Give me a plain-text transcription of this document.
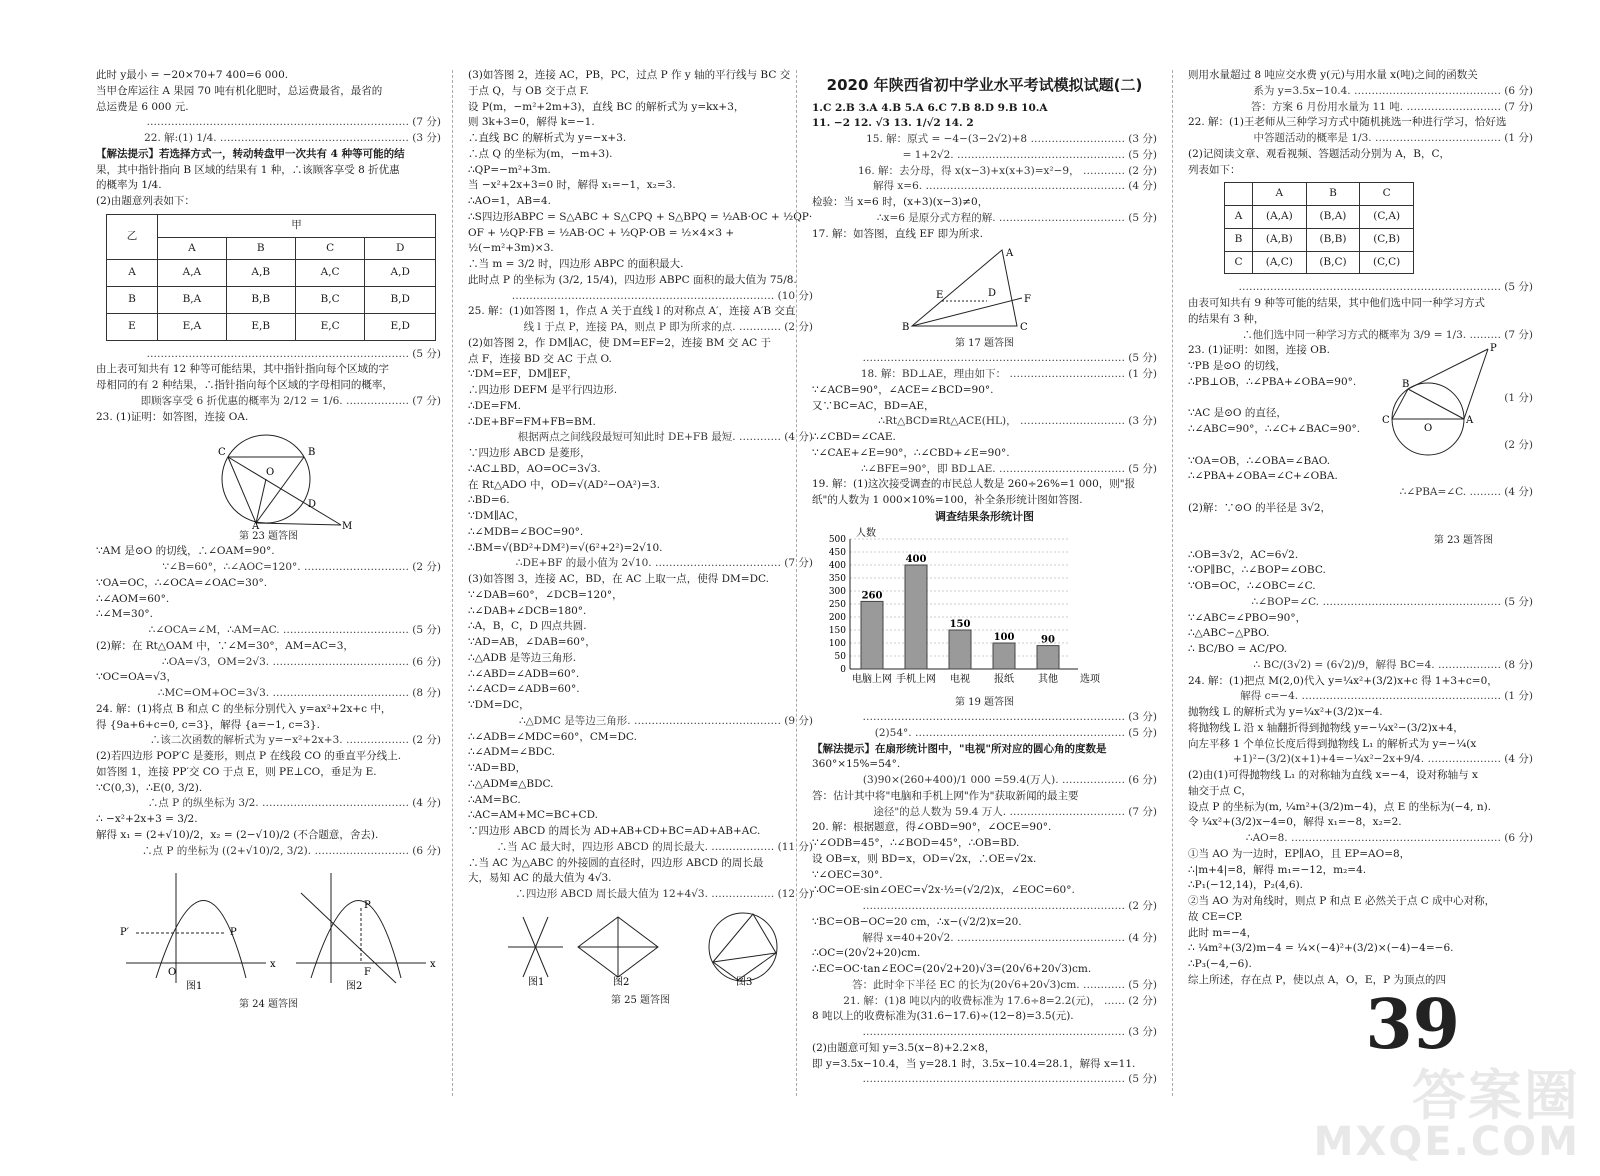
此时 y最小 = −20×70+7 400=6 000.
当甲仓库运往 A 果园 70 吨有机化肥时，总运费最省，最省的
总运费是 6 000 元.
………………………………………………………………… (7 分)
22. 解:(1) 1/4. ……………………………………………… (3 分)
【解法提示】若选择方式一，转动转盘甲一次共有 4 种等可能的结
果，其中指针指向 B 区域的结果有 1 种，∴该顾客享受 8 折优惠
的概率为 1/4.
(2)由题意列表如下：
乙	甲			
	A	B	C	D
A	A,A	A,B	A,C	A,D
B	B,A	B,B	B,C	B,D
E	E,A	E,B	E,C	E,D
………………………………………………………………… (5 分)
由上表可知共有 12 种等可能结果，其中指针指向每个区域的字
母相同的有 2 种结果，∴指针指向每个区域的字母相同的概率，
即顾客享受 6 折优惠的概率为 2/12 = 1/6. ……………… (7 分)
23. (1)证明：如答图，连接 OA.
C	B
O
D
A	M
第 23 题答图
∵AM 是⊙O 的切线，∴∠OAM=90°.
∵∠B=60°，∴∠AOC=120°. ………………………… (2 分)
∵OA=OC，∴∠OCA=∠OAC=30°.
∴∠AOM=60°.
∴∠M=30°.
∴∠OCA=∠M，∴AM=AC. ……………………………… (5 分)
(2)解：在 Rt△OAM 中，∵∠M=30°，AM=AC=3，
∴OA=√3，OM=2√3. ………………………………… (6 分)
∵OC=OA=√3，
∴MC=OM+OC=3√3. ………………………………… (8 分)
24. 解：(1)将点 B 和点 C 的坐标分别代入 y=ax²+2x+c 中，
得 {9a+6+c=0, c=3}，解得 {a=−1, c=3}.
∴该二次函数的解析式为 y=−x²+2x+3. ……………… (2 分)
(2)若四边形 POP′C 是菱形，则点 P 在线段 CO 的垂直平分线上.
如答图 1，连接 PP′交 CO 于点 E，则 PE⊥CO，垂足为 E.
∵C(0,3)，∴E(0, 3/2).
∴点 P 的纵坐标为 3/2. …………………………………… (4 分)
∴ −x²+2x+3 = 3/2.
解得 x₁ = (2+√10)/2，x₂ = (2−√10)/2 (不合题意，舍去).
∴点 P 的坐标为 ((2+√10)/2, 3/2). ……………………… (6 分)
P′	P
O
x
P
F
x
图1	图2
第 24 题答图
(3)如答图 2，连接 AC，PB，PC，过点 P 作 y 轴的平行线与 BC 交
于点 Q，与 OB 交于点 F.
设 P(m，−m²+2m+3)，直线 BC 的解析式为 y=kx+3，
则 3k+3=0，解得 k=−1.
∴直线 BC 的解析式为 y=−x+3.
∴点 Q 的坐标为(m，−m+3).
∴QP=−m²+3m.
当 −x²+2x+3=0 时，解得 x₁=−1，x₂=3.
∴AO=1，AB=4.
∴S四边形ABPC = S△ABC + S△CPQ + S△BPQ = ½AB·OC + ½QP·
OF + ½QP·FB = ½AB·OC + ½QP·OB = ½×4×3 +
½(−m²+3m)×3.
∴当 m = 3/2 时，四边形 ABPC 的面积最大.
此时点 P 的坐标为 (3/2, 15/4)，四边形 ABPC 面积的最大值为 75/8.
………………………………………………………………… (10 分)
25. 解：(1)如答图 1，作点 A 关于直线 l 的对称点 A′，连接 A′B 交直
线 l 于点 P，连接 PA，则点 P 即为所求的点. ………… (2 分)
(2)如答图 2，作 DM∥AC，使 DM=EF=2，连接 BM 交 AC 于
点 F，连接 BD 交 AC 于点 O.
∵DM=EF，DM∥EF，
∴四边形 DEFM 是平行四边形.
∴DE=FM.
∴DE+BF=FM+FB=BM.
根据两点之间线段最短可知此时 DE+FB 最短. ………… (4 分)
∵四边形 ABCD 是菱形，
∴AC⊥BD，AO=OC=3√3.
在 Rt△ADO 中，OD=√(AD²−OA²)=3.
∴BD=6.
∵DM∥AC，
∴∠MDB=∠BOC=90°.
∴BM=√(BD²+DM²)=√(6²+2²)=2√10.
∴DE+BF 的最小值为 2√10. ……………………………… (7 分)
(3)如答图 3，连接 AC，BD，在 AC 上取一点，使得 DM=DC.
∵∠DAB=60°，∠DCB=120°，
∴∠DAB+∠DCB=180°.
∴A，B，C，D 四点共圆.
∵AD=AB，∠DAB=60°，
∴△ADB 是等边三角形.
∴∠ABD=∠ADB=60°.
∴∠ACD=∠ADB=60°.
∵DM=DC，
∴△DMC 是等边三角形. …………………………………… (9 分)
∴∠ADB=∠MDC=60°，CM=DC.
∴∠ADM=∠BDC.
∵AD=BD，
∴△ADM≌△BDC.
∴AM=BC.
∴AC=AM+MC=BC+CD.
∵四边形 ABCD 的周长为 AD+AB+CD+BC=AD+AB+AC.
∴当 AC 最大时，四边形 ABCD 的周长最大. ……………… (11 分)
∴当 AC 为△ABC 的外接圆的直径时，四边形 ABCD 的周长最
大，易知 AC 的最大值为 4√3.
∴四边形 ABCD 周长最大值为 12+4√3. ……………… (12 分)
图1	图2	图3
第 25 题答图
2020 年陕西省初中学业水平考试模拟试题(二)
1.C 2.B 3.A 4.B 5.A 6.C 7.B 8.D 9.B 10.A
11. −2 12. √3 13. 1/√2 14. 2
15. 解：原式 = −4−(3−2√2)+8 ……………………… (3 分)
= 1+2√2. ………………………………………… (5 分)
16. 解：去分母，得 x(x−3)+x(x+3)=x²−9， ………… (2 分)
解得 x=6. ………………………………………………… (4 分)
检验：当 x=6 时，(x+3)(x−3)≠0，
∴x=6 是原分式方程的解. ……………………………… (5 分)
17. 解：如答图，直线 EF 即为所求.
A
D
F
B	C
E
第 17 题答图
………………………………………………………………… (5 分)
18. 解：BD⊥AE，理由如下： …………………………… (1 分)
∵∠ACB=90°，∠ACE=∠BCD=90°.
又∵BC=AC，BD=AE，
∴Rt△BCD≌Rt△ACE(HL)， ………………………… (3 分)
∴∠CBD=∠CAE.
∵∠CAE+∠E=90°，∴∠CBD+∠E=90°.
∴∠BFE=90°，即 BD⊥AE. ……………………………… (5 分)
19. 解：(1)这次接受调查的市民总人数是 260÷26%=1 000，则"报
纸"的人数为 1 000×10%=100，补全条形统计图如答图.
调查结果条形统计图
0
50
100
150
200
250
300
350
400
450
500
人数
选项
260
电脑上网
400
手机上网
150
电视
100
报纸
90
其他
第 19 题答图
………………………………………………………………… (3 分)
(2)54°. …………………………………………………… (5 分)
【解法提示】在扇形统计图中，"电视"所对应的圆心角的度数是
360°×15%=54°.
(3)90×(260+400)/1 000 =59.4(万人). ……………… (6 分)
答：估计其中将"电脑和手机上网"作为"获取新闻的最主要
途径"的总人数为 59.4 万人. …………………………… (7 分)
20. 解：根据题意，得∠OBD=90°，∠OCE=90°.
∵∠ODB=45°，∴∠BOD=45°，∴OB=BD.
设 OB=x，则 BD=x，OD=√2x，∴OE=√2x.
∵∠OEC=30°.
∴OC=OE·sin∠OEC=√2x·½=(√2/2)x，∠EOC=60°.
………………………………………………………………… (2 分)
∵BC=OB−OC=20 cm，∴x−(√2/2)x=20.
解得 x=40+20√2. ………………………………………… (4 分)
∴OC=(20√2+20)cm.
∴EC=OC·tan∠EOC=(20√2+20)√3=(20√6+20√3)cm.
答：此时伞下半径 EC 的长为(20√6+20√3)cm. ………… (5 分)
21. 解：(1)8 吨以内的收费标准为 17.6÷8=2.2(元)， …… (2 分)
8 吨以上的收费标准为(31.6−17.6)÷(12−8)=3.5(元).
………………………………………………………………… (3 分)
(2)由题意可知 y=3.5(x−8)+2.2×8，
即 y=3.5x−10.4，当 y=28.1 时，3.5x−10.4=28.1，解得 x=11.
………………………………………………………………… (5 分)
则用水量超过 8 吨应交水费 y(元)与用水量 x(吨)之间的函数关
系为 y=3.5x−10.4. …………………………………… (6 分)
答：方案 6 月份用水量为 11 吨. ……………………… (7 分)
22. 解：(1)王老师从三种学习方式中随机挑选一种进行学习，恰好选
中答题活动的概率是 1/3. ……………………………… (1 分)
(2)记阅读文章、观看视频、答题活动分别为 A，B，C，
列表如下：
	A	B	C
A	(A,A)	(B,A)	(C,A)
B	(A,B)	(B,B)	(C,B)
C	(A,C)	(B,C)	(C,C)
………………………………………………………………… (5 分)
由表可知共有 9 种等可能的结果，其中他们选中同一种学习方式
的结果有 3 种，
∴他们选中同一种学习方式的概率为 3/9 = 1/3. ……… (7 分)
23. (1)证明：如图，连接 OB.
∵PB 是⊙O 的切线，
∴PB⊥OB，∴∠PBA+∠OBA=90°.
(1 分)
∵AC 是⊙O 的直径，
∴∠ABC=90°，∴∠C+∠BAC=90°.
(2 分)
∵OA=OB，∴∠OBA=∠BAO.
∴∠PBA+∠OBA=∠C+∠OBA.
∴∠PBA=∠C. ……… (4 分)
(2)解：∵⊙O 的半径是 3√2，
B
P
C	A
O
第 23 题答图
∴OB=3√2，AC=6√2.
∵OP∥BC，∴∠BOP=∠OBC.
∵OB=OC，∴∠OBC=∠C.
∴∠BOP=∠C. …………………………………………… (5 分)
∵∠ABC=∠PBO=90°，
∴△ABC∽△PBO.
∴ BC/BO = AC/PO.
∴ BC/(3√2) = (6√2)/9，解得 BC=4. ……………… (8 分)
24. 解：(1)把点 M(2,0)代入 y=¼x²+(3/2)x+c 得 1+3+c=0，
解得 c=−4. ………………………………………………… (1 分)
抛物线 L 的解析式为 y=¼x²+(3/2)x−4.
将抛物线 L 沿 x 轴翻折得到抛物线 y=−¼x²−(3/2)x+4，
向左平移 1 个单位长度后得到抛物线 L₁ 的解析式为 y=−¼(x
+1)²−(3/2)(x+1)+4=−¼x²−2x+9/4. ………………… (4 分)
(2)由(1)可得抛物线 L₁ 的对称轴为直线 x=−4，设对称轴与 x
轴交于点 C，
设点 P 的坐标为(m, ¼m²+(3/2)m−4)，点 E 的坐标为(−4, n).
令 ¼x²+(3/2)x−4=0，解得 x₁=−8，x₂=2.
∴AO=8. …………………………………………………… (6 分)
①当 AO 为一边时，EP∥AO，且 EP=AO=8，
∴|m+4|=8，解得 m₁=−12，m₂=4.
∴P₁(−12,14)，P₂(4,6).
②当 AO 为对角线时，则点 P 和点 E 必然关于点 C 成中心对称，
故 CE=CP.
此时 m=−4，
∴ ¼m²+(3/2)m−4 = ¼×(−4)²+(3/2)×(−4)−4=−6.
∴P₃(−4,−6).
综上所述，存在点 P，使以点 A，O，E，P 为顶点的四
39
答案圈
MXQE.COM
